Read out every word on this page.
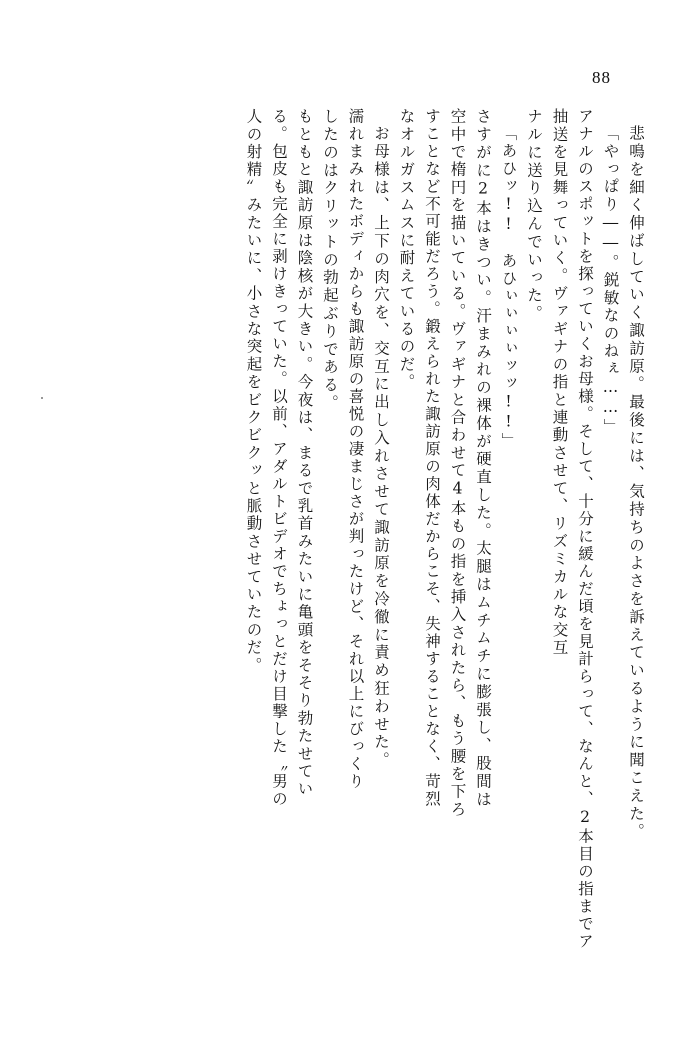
88
悲鳴を細く伸ばしていく諏訪原。最後には、気持ちのよさを訴えているように聞こえた。
「やっぱり――。鋭敏なのねぇ……」
アナルのスポットを探っていくお母様。そして、十分に緩んだ頃を見計らって、なんと、2本目の指までア
抽送を見舞っていく。ヴァギナの指と連動させて、リズミカルな交互
ナルに送り込んでいった。
「あひッ!!　あひぃぃぃぃッッ!!」
さすがに2本はきつい。汗まみれの裸体が硬直した。太腿はムチムチに膨張し、股間は
空中で楕円を描いている。ヴァギナと合わせて4本もの指を挿入されたら、もう腰を下ろ
すことなど不可能だろう。鍛えられた諏訪原の肉体だからこそ、失神することなく、苛烈
なオルガスムスに耐えているのだ。
お母様は、上下の肉穴を、交互に出し入れさせて諏訪原を冷徹に責め狂わせた。
濡れまみれたボディからも諏訪原の喜悦の凄まじさが判ったけど、それ以上にびっくり
したのはクリットの勃起ぶりである。
もともと諏訪原は陰核が大きい。今夜は、まるで乳首みたいに亀頭をそそり勃たせてい
る。包皮も完全に剥けきっていた。以前、アダルトビデオでちょっとだけ目撃した〝男の
人の射精〟みたいに、小さな突起をビクビクッと脈動させていたのだ。
